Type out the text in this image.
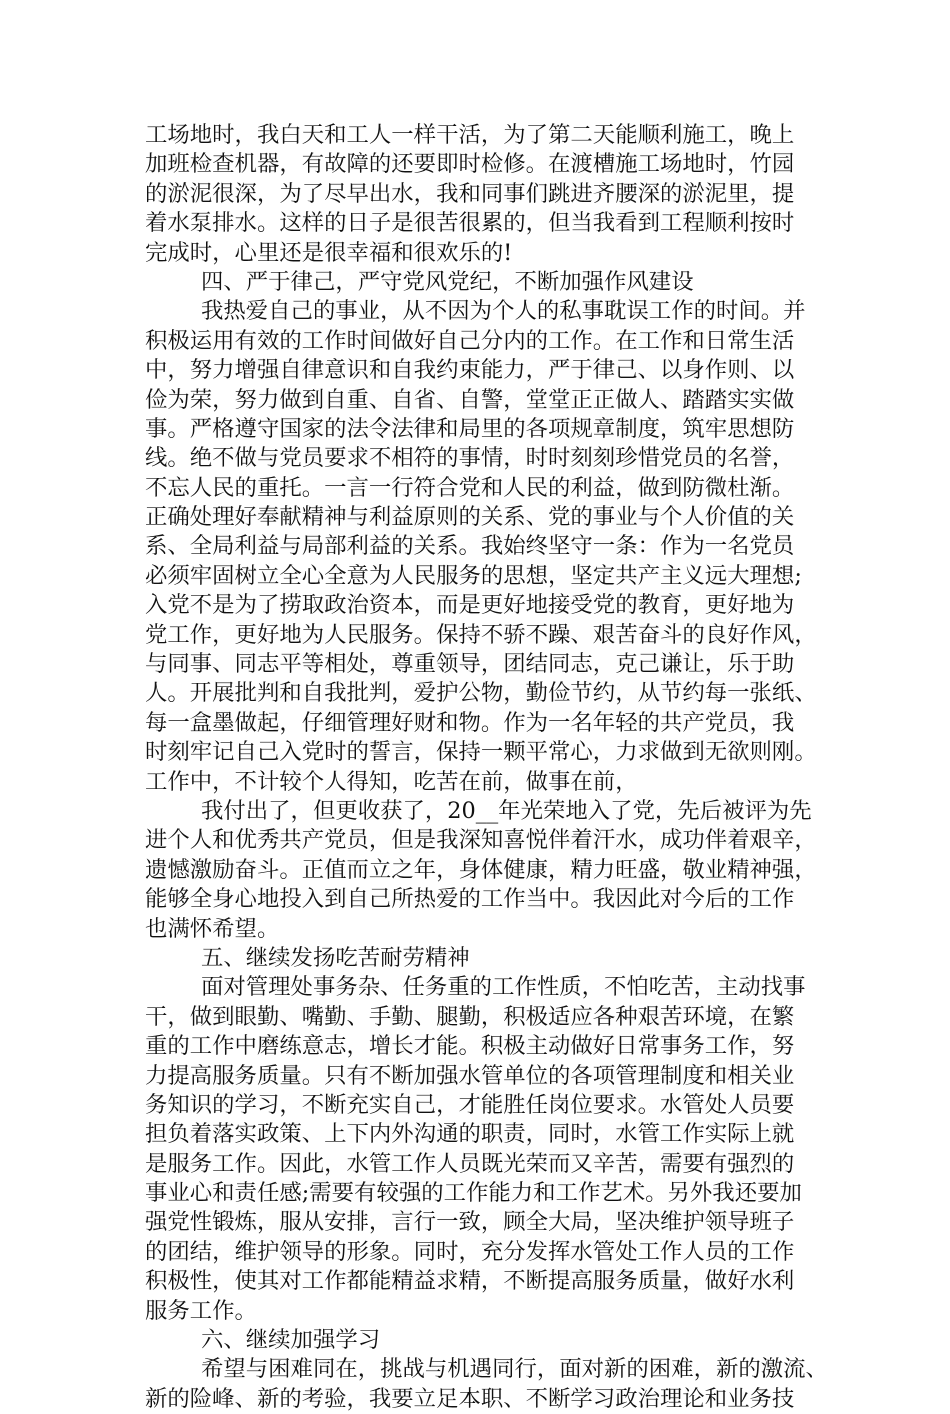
工场地时，我白天和工人一样干活，为了第二天能顺利施工，晚上
加班检查机器，有故障的还要即时检修。在渡槽施工场地时，竹园
的淤泥很深，为了尽早出水，我和同事们跳进齐腰深的淤泥里，提
着水泵排水。这样的日子是很苦很累的，但当我看到工程顺利按时
完成时，心里还是很幸福和很欢乐的!
四、严于律己，严守党风党纪，不断加强作风建设
我热爱自己的事业，从不因为个人的私事耽误工作的时间。并
积极运用有效的工作时间做好自己分内的工作。在工作和日常生活
中，努力增强自律意识和自我约束能力，严于律己、以身作则、以
俭为荣，努力做到自重、自省、自警，堂堂正正做人、踏踏实实做
事。严格遵守国家的法令法律和局里的各项规章制度，筑牢思想防
线。绝不做与党员要求不相符的事情，时时刻刻珍惜党员的名誉，
不忘人民的重托。一言一行符合党和人民的利益，做到防微杜渐。
正确处理好奉献精神与利益原则的关系、党的事业与个人价值的关
系、全局利益与局部利益的关系。我始终坚守一条：作为一名党员
必须牢固树立全心全意为人民服务的思想，坚定共产主义远大理想;
入党不是为了捞取政治资本，而是更好地接受党的教育，更好地为
党工作，更好地为人民服务。保持不骄不躁、艰苦奋斗的良好作风，
与同事、同志平等相处，尊重领导，团结同志，克己谦让，乐于助
人。开展批判和自我批判，爱护公物，勤俭节约，从节约每一张纸、
每一盒墨做起，仔细管理好财和物。作为一名年轻的共产党员，我
时刻牢记自己入党时的誓言，保持一颗平常心，力求做到无欲则刚。
工作中，不计较个人得知，吃苦在前，做事在前，
我付出了，但更收获了，20__年光荣地入了党，先后被评为先
进个人和优秀共产党员，但是我深知喜悦伴着汗水，成功伴着艰辛，
遗憾激励奋斗。正值而立之年，身体健康，精力旺盛，敬业精神强，
能够全身心地投入到自己所热爱的工作当中。我因此对今后的工作
也满怀希望。
五、继续发扬吃苦耐劳精神
面对管理处事务杂、任务重的工作性质，不怕吃苦，主动找事
干，做到眼勤、嘴勤、手勤、腿勤，积极适应各种艰苦环境，在繁
重的工作中磨练意志，增长才能。积极主动做好日常事务工作，努
力提高服务质量。只有不断加强水管单位的各项管理制度和相关业
务知识的学习，不断充实自己，才能胜任岗位要求。水管处人员要
担负着落实政策、上下内外沟通的职责，同时，水管工作实际上就
是服务工作。因此，水管工作人员既光荣而又辛苦，需要有强烈的
事业心和责任感;需要有较强的工作能力和工作艺术。另外我还要加
强党性锻炼，服从安排，言行一致，顾全大局，坚决维护领导班子
的团结，维护领导的形象。同时，充分发挥水管处工作人员的工作
积极性，使其对工作都能精益求精，不断提高服务质量，做好水利
服务工作。
六、继续加强学习
希望与困难同在，挑战与机遇同行，面对新的困难，新的激流、
新的险峰、新的考验，我要立足本职、不断学习政治理论和业务技
